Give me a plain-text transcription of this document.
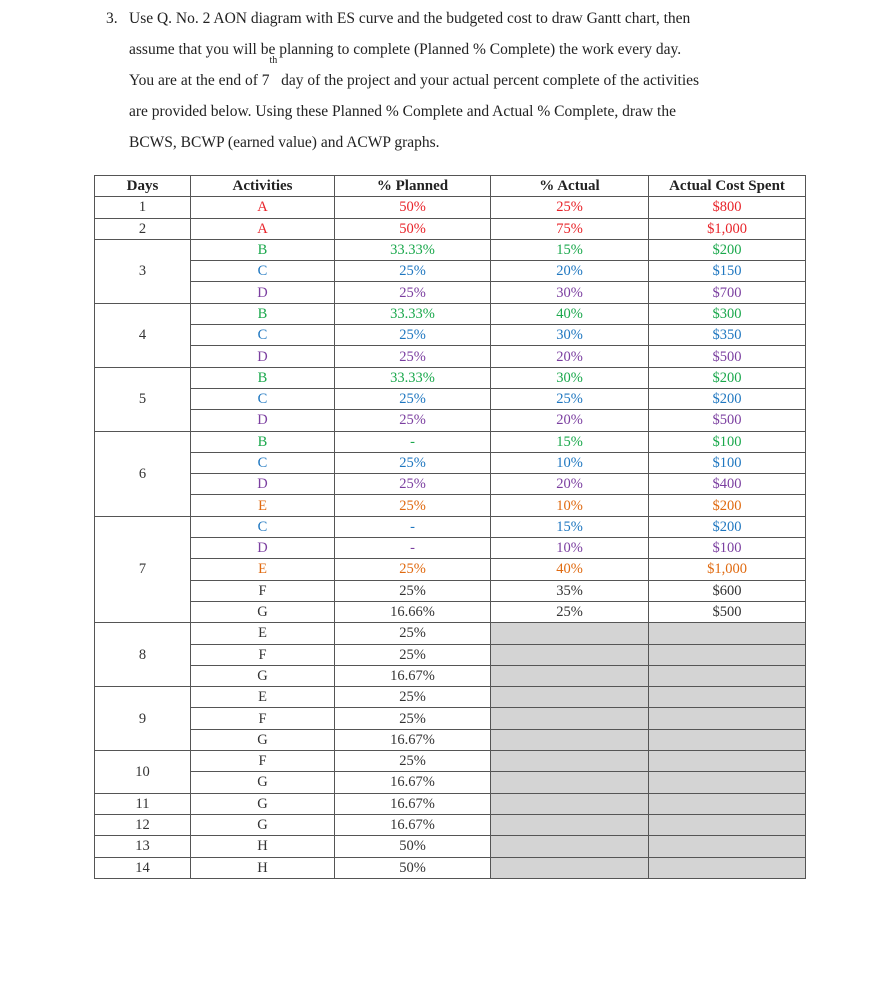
3. Use Q. No. 2 AON diagram with ES curve and the budgeted cost to draw Gantt chart, then
assume that you will be planning to complete (Planned % Complete) the work every day.
You are at the end of 7th day of the project and your actual percent complete of the activities
are provided below. Using these Planned % Complete and Actual % Complete, draw the
BCWS, BCWP (earned value) and ACWP graphs.
Days	Activities	% Planned	% Actual	Actual Cost Spent
1	A	50%	25%	$800
2	A	50%	75%	$1,000
3	B	33.33%	15%	$200
	C	25%	20%	$150
	D	25%	30%	$700
4	B	33.33%	40%	$300
	C	25%	30%	$350
	D	25%	20%	$500
5	B	33.33%	30%	$200
	C	25%	25%	$200
	D	25%	20%	$500
6	B	-	15%	$100
	C	25%	10%	$100
	D	25%	20%	$400
	E	25%	10%	$200
7	C	-	15%	$200
	D	-	10%	$100
	E	25%	40%	$1,000
	F	25%	35%	$600
	G	16.66%	25%	$500
8	E	25%		
	F	25%		
	G	16.67%		
9	E	25%		
	F	25%		
	G	16.67%		
10	F	25%		
	G	16.67%		
11	G	16.67%		
12	G	16.67%		
13	H	50%		
14	H	50%		
